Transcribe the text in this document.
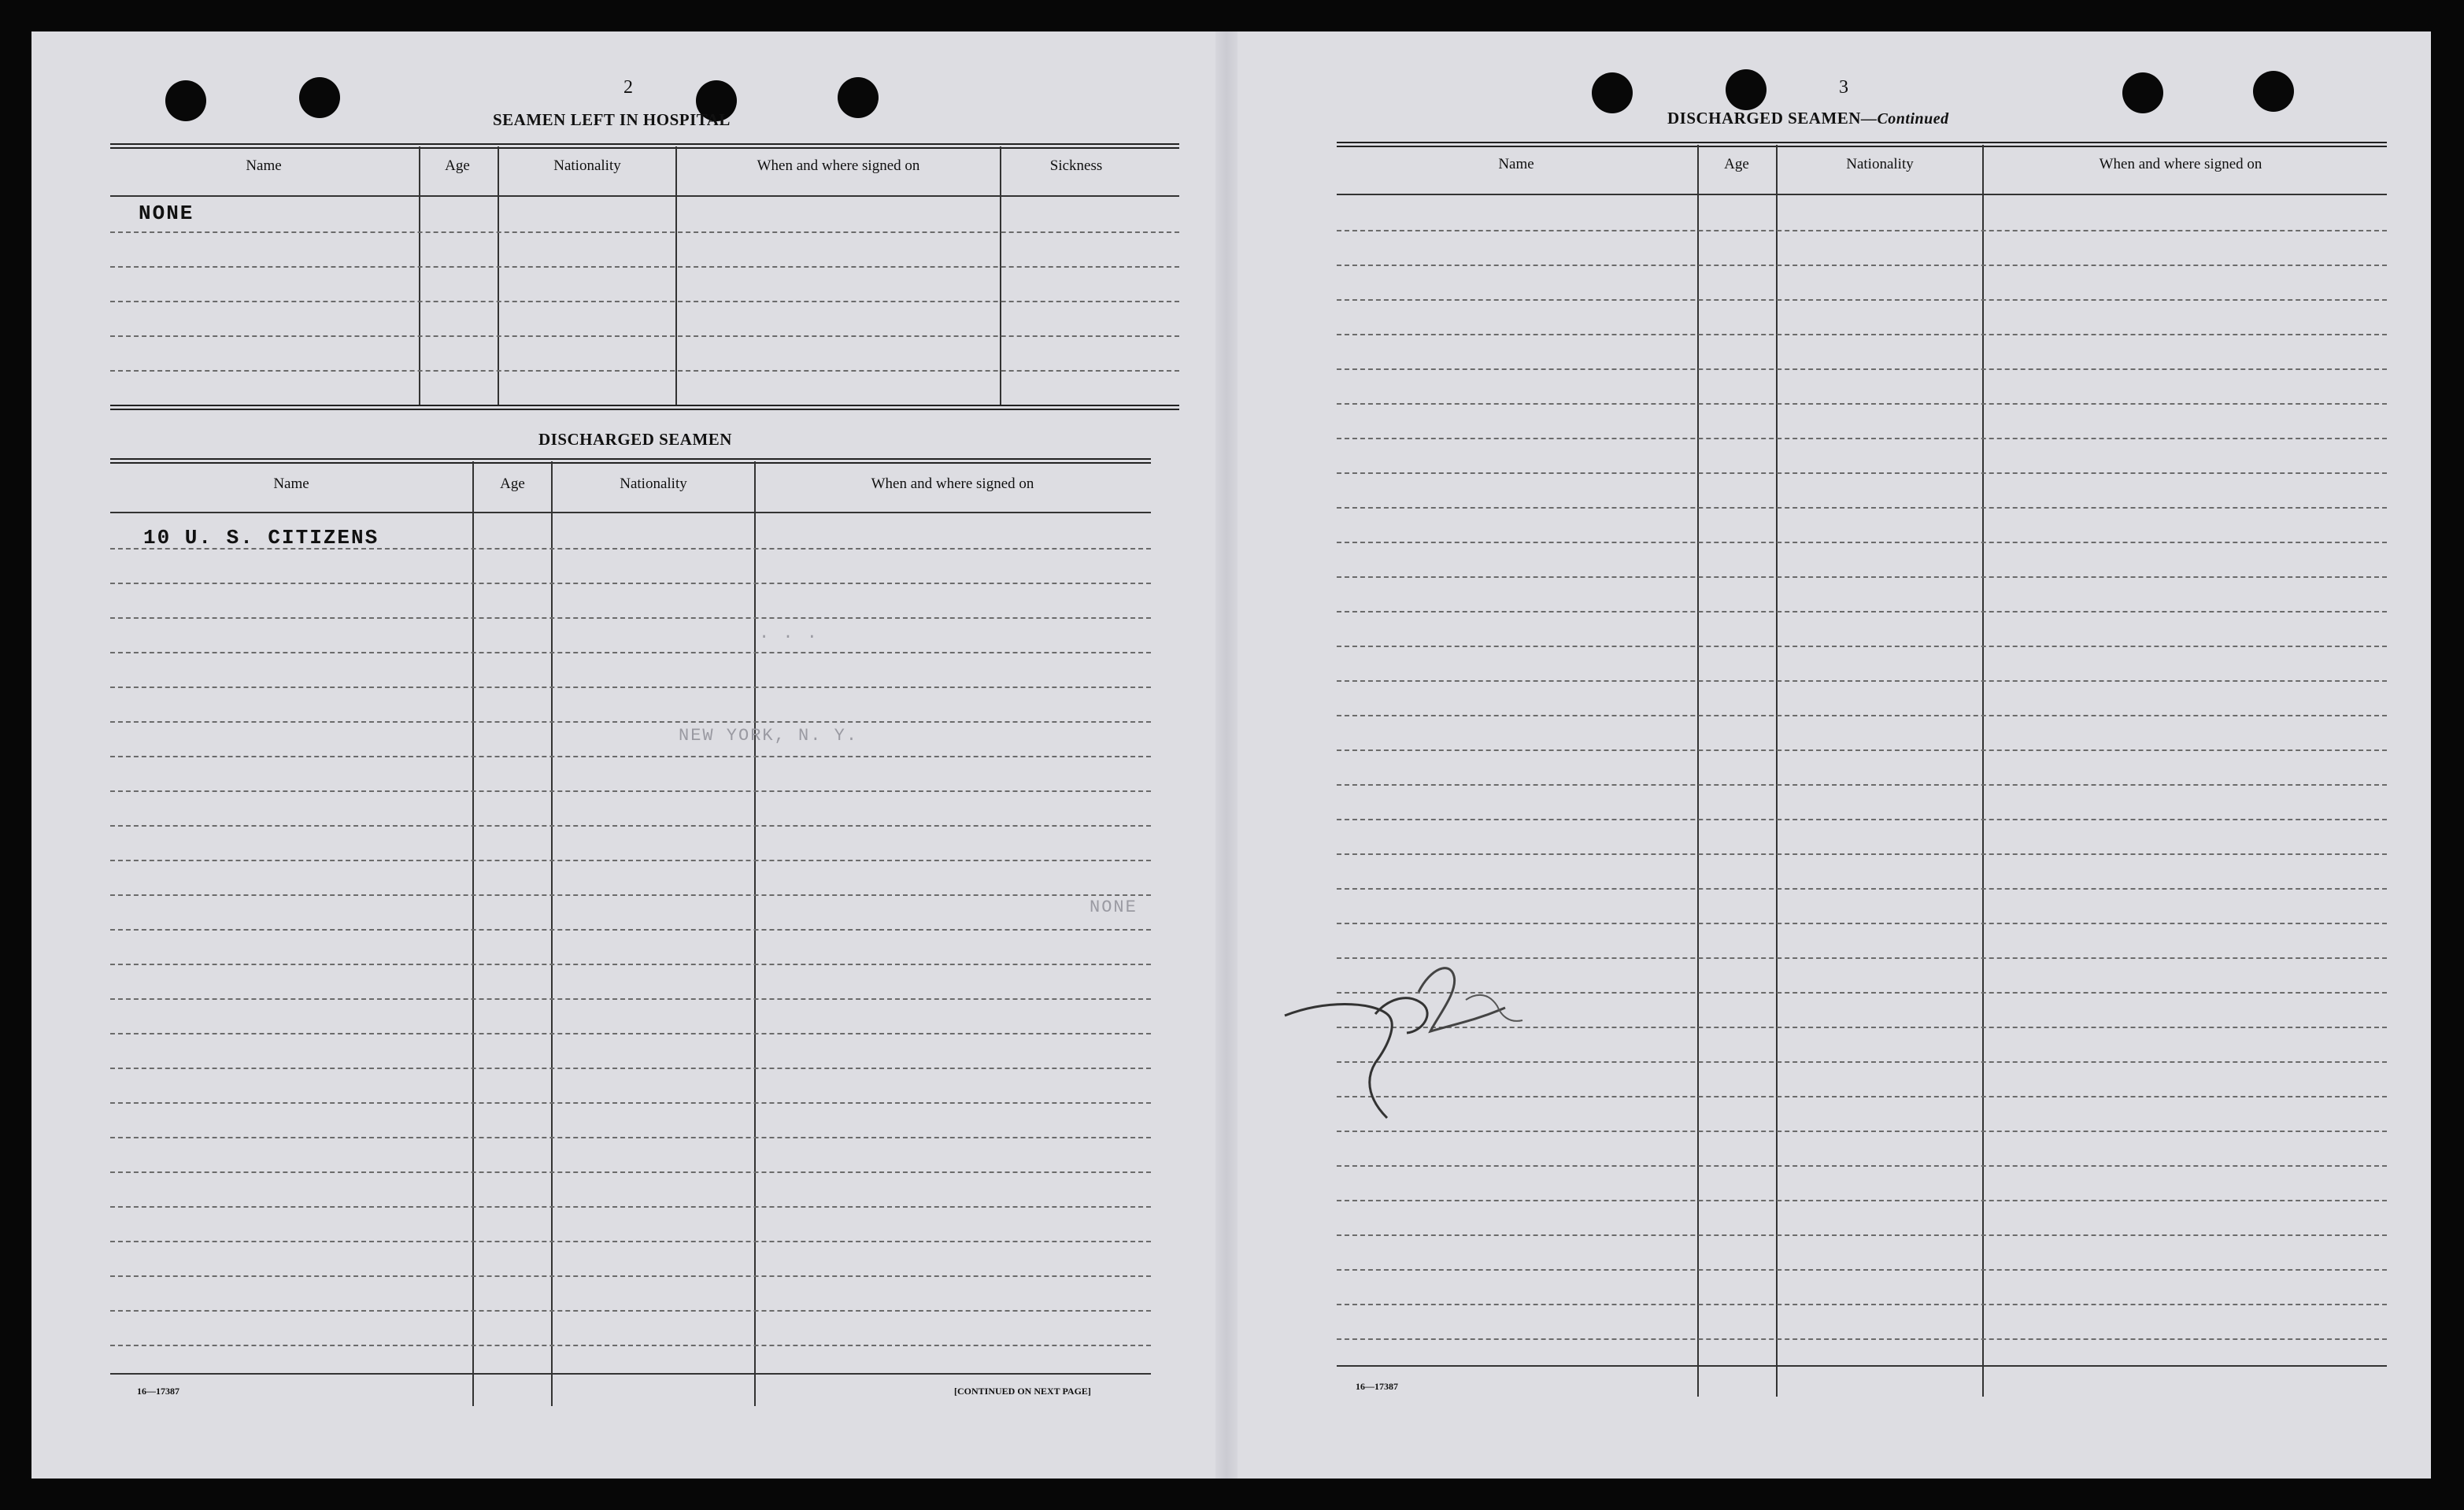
2
SEAMEN LEFT IN HOSPITAL
Name	Age	Nationality	When and where signed on	Sickness
NONE
DISCHARGED SEAMEN
Name	Age	Nationality	When and where signed on
10 U. S. CITIZENS
. . .
NEW YORK, N. Y.
NONE
16—17387	[CONTINUED ON NEXT PAGE]
3
DISCHARGED SEAMEN—Continued
Name	Age	Nationality	When and where signed on
16—17387
